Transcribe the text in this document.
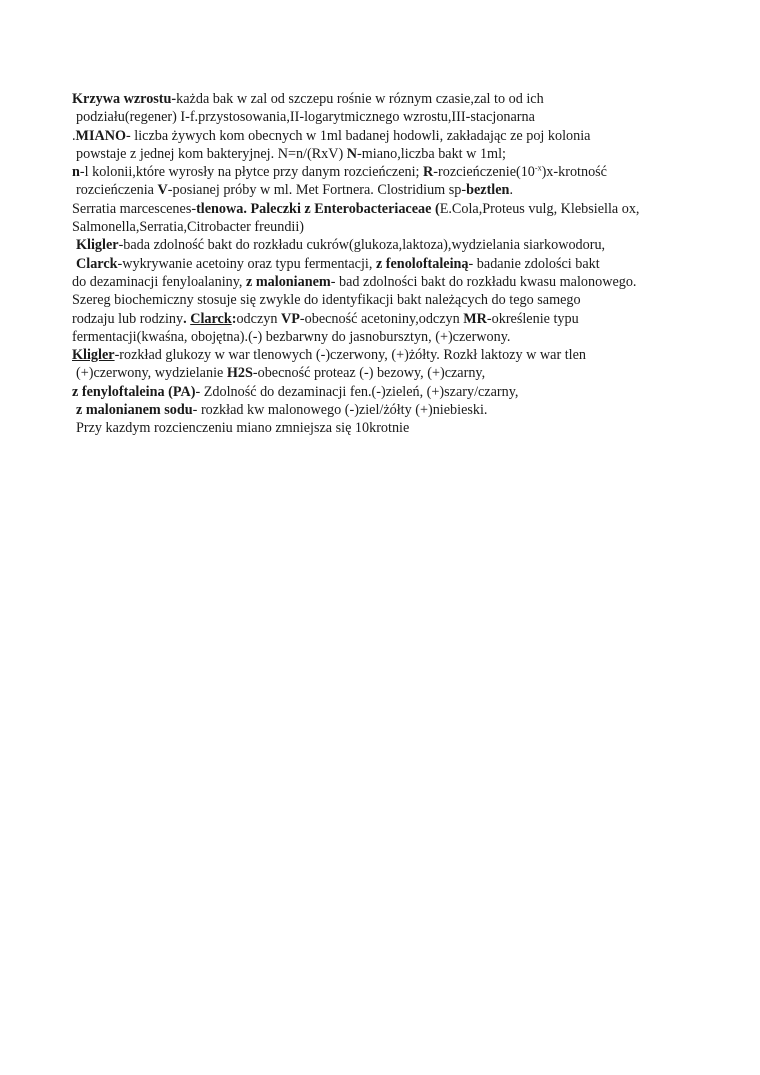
Krzywa wzrostu-każda bak w zal od szczepu rośnie w róznym czasie,zal to od ich
podziału(regener) I-f.przystosowania,II-logarytmicznego wzrostu,III-stacjonarna
.MIANO- liczba żywych kom obecnych w 1ml badanej hodowli, zakładając ze poj kolonia
powstaje z jednej kom bakteryjnej. N=n/(RxV) N-miano,liczba bakt w 1ml;
n-l kolonii,które wyrosły na płytce przy danym rozcieńczeni; $R-rozcieńczenie(10^{-x})x$-krotność
rozcieńczenia V-posianej próby w ml. Met Fortnera. Clostridium sp-beztlen.
Serratia marcescenes-tlenowa. Paleczki z Enterobacteriaceae (E.Cola,Proteus vulg, Klebsiella ox,
Salmonella,Serratia,Citrobacter freundii)
Kligler-bada zdolność bakt do rozkładu cukrów(glukoza,laktoza),wydzielania siarkowodoru,
Clarck-wykrywanie acetoiny oraz typu fermentacji, z fenoloftaleiną- badanie zdolości bakt
do dezaminacji fenyloalaniny, z malonianem- bad zdolności bakt do rozkładu kwasu malonowego.
Szereg biochemiczny stosuje się zwykle do identyfikacji bakt należących do tego samego
rodzaju lub rodziny. Clarck:odczyn VP-obecność acetoniny,odczyn MR-określenie typu
fermentacji(kwaśna, obojętna).(-) bezbarwny do jasnobursztyn, (+)czerwony.
Kligler-rozkład glukozy w war tlenowych (-)czerwony, (+)żółty. Rozkł laktozy w war tlen
(+)czerwony, wydzielanie H2S-obecność proteaz (-) bezowy, (+)czarny,
z fenyloftaleina (PA)- Zdolność do dezaminacji fen.(-)zieleń, (+)szary/czarny,
z malonianem sodu- rozkład kw malonowego (-)ziel/żółty (+)niebieski.
Przy kazdym rozcienczeniu miano zmniejsza się 10krotnie
